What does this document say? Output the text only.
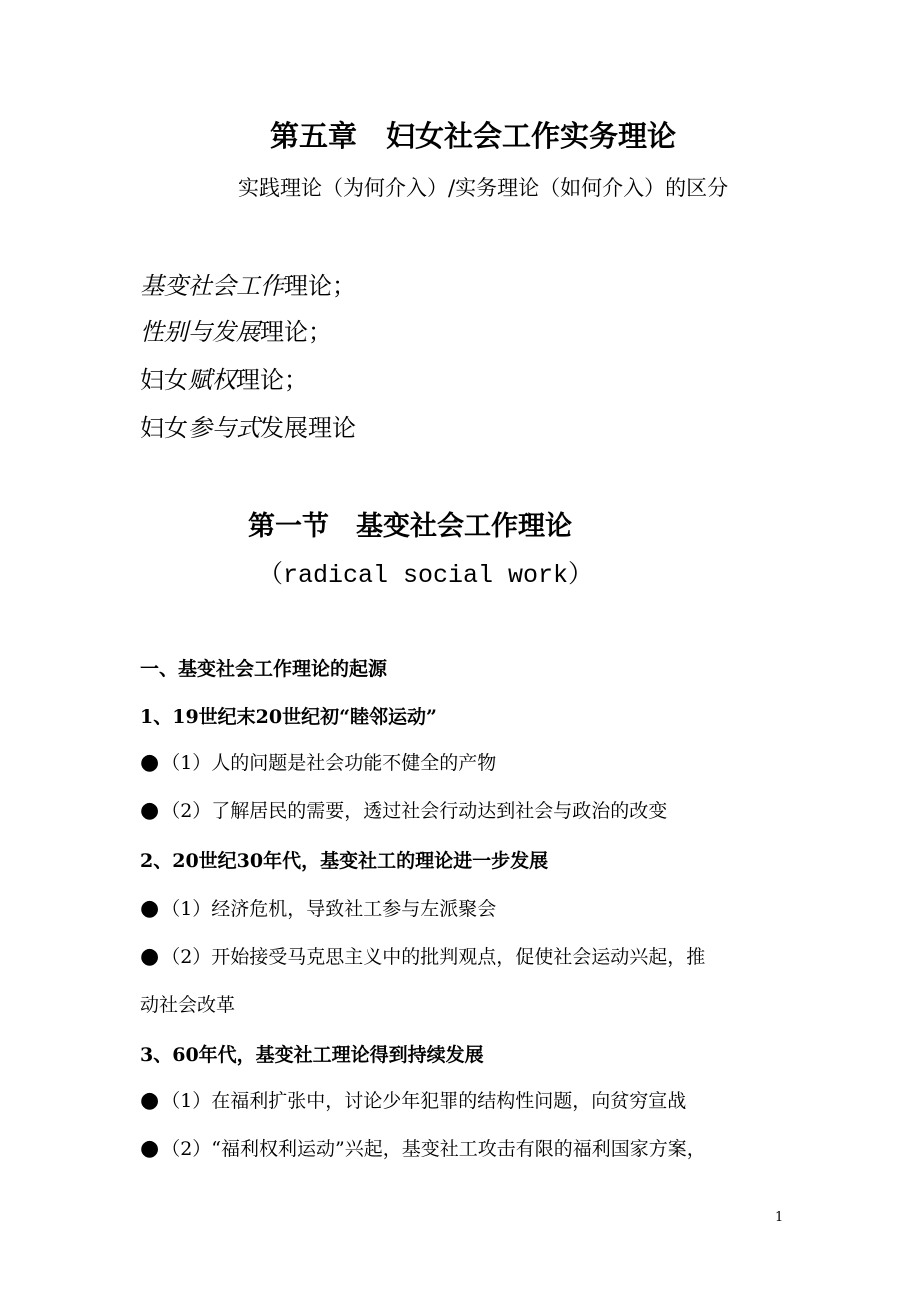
第五章　妇女社会工作实务理论
实践理论（为何介入）/实务理论（如何介入）的区分
基变社会工作理论；
性别与发展理论；
妇女赋权理论；
妇女参与式发展理论
第一节　基变社会工作理论
（radical social work）
一、基变社会工作理论的起源
1、19世纪末20世纪初“睦邻运动”
● （1）人的问题是社会功能不健全的产物
● （2）了解居民的需要，透过社会行动达到社会与政治的改变
2、20世纪30年代，基变社工的理论进一步发展
● （1）经济危机，导致社工参与左派聚会
● （2）开始接受马克思主义中的批判观点，促使社会运动兴起，推
动社会改革
3、60年代，基变社工理论得到持续发展
● （1）在福利扩张中，讨论少年犯罪的结构性问题，向贫穷宣战
● （2）“福利权利运动”兴起，基变社工攻击有限的福利国家方案，
1
